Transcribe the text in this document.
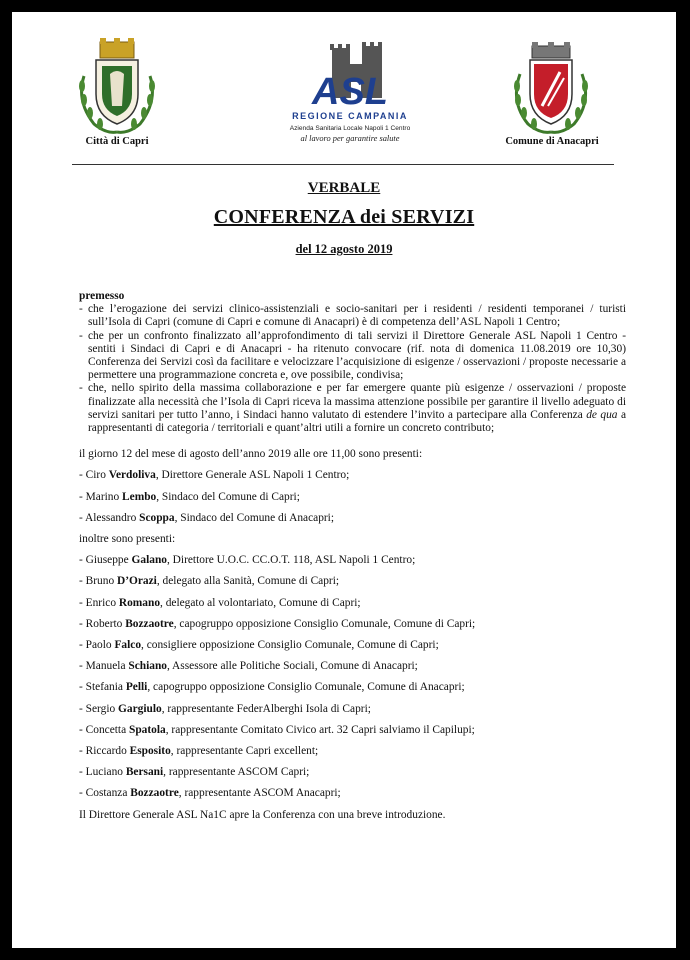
Città di Capri
ASL
REGIONE CAMPANIA
Azienda Sanitaria Locale Napoli 1 Centro
al lavoro per garantire salute	Comune di Anacapri
VERBALE
CONFERENZA dei SERVIZI
del 12 agosto 2019
premesso
- che l’erogazione dei servizi clinico-assistenziali e socio-sanitari per i residenti / residenti temporanei / turisti sull’Isola di Capri (comune di Capri e comune di Anacapri) è di competenza dell’ASL Napoli 1 Centro;
- che per un confronto finalizzato all’approfondimento di tali servizi il Direttore Generale ASL Napoli 1 Centro - sentiti i Sindaci di Capri e di Anacapri - ha ritenuto convocare (rif. nota di domenica 11.08.2019 ore 10,30) Conferenza dei Servizi così da facilitare e velocizzare l’acquisizione di esigenze / osservazioni / proposte necessarie a permettere una programmazione concreta e, ove possibile, condivisa;
- che, nello spirito della massima collaborazione e per far emergere quante più esigenze / osservazioni / proposte finalizzate alla necessità che l’Isola di Capri riceva la massima attenzione possibile per garantire il livello adeguato di servizi sanitari per tutto l’anno, i Sindaci hanno valutato di estendere l’invito a partecipare alla Conferenza de qua a rappresentanti di categoria / territoriali e quant’altri utili a fornire un concreto contributo;
il giorno 12 del mese di agosto dell’anno 2019 alle ore 11,00 sono presenti:
- Ciro Verdoliva, Direttore Generale ASL Napoli 1 Centro;
- Marino Lembo, Sindaco del Comune di Capri;
- Alessandro Scoppa, Sindaco del Comune di Anacapri;
inoltre sono presenti:
- Giuseppe Galano, Direttore U.O.C. CC.O.T. 118, ASL Napoli 1 Centro;
- Bruno D’Orazi, delegato alla Sanità, Comune di Capri;
- Enrico Romano, delegato al volontariato, Comune di Capri;
- Roberto Bozzaotre, capogruppo opposizione Consiglio Comunale, Comune di Capri;
- Paolo Falco, consigliere opposizione Consiglio Comunale, Comune di Capri;
- Manuela Schiano, Assessore alle Politiche Sociali, Comune di Anacapri;
- Stefania Pelli, capogruppo opposizione Consiglio Comunale, Comune di Anacapri;
- Sergio Gargiulo, rappresentante FederAlberghi Isola di Capri;
- Concetta Spatola, rappresentante Comitato Civico art. 32 Capri salviamo il Capilupi;
- Riccardo Esposito, rappresentante Capri excellent;
- Luciano Bersani, rappresentante ASCOM Capri;
- Costanza Bozzaotre, rappresentante ASCOM Anacapri;
Il Direttore Generale ASL Na1C apre la Conferenza con una breve introduzione.
